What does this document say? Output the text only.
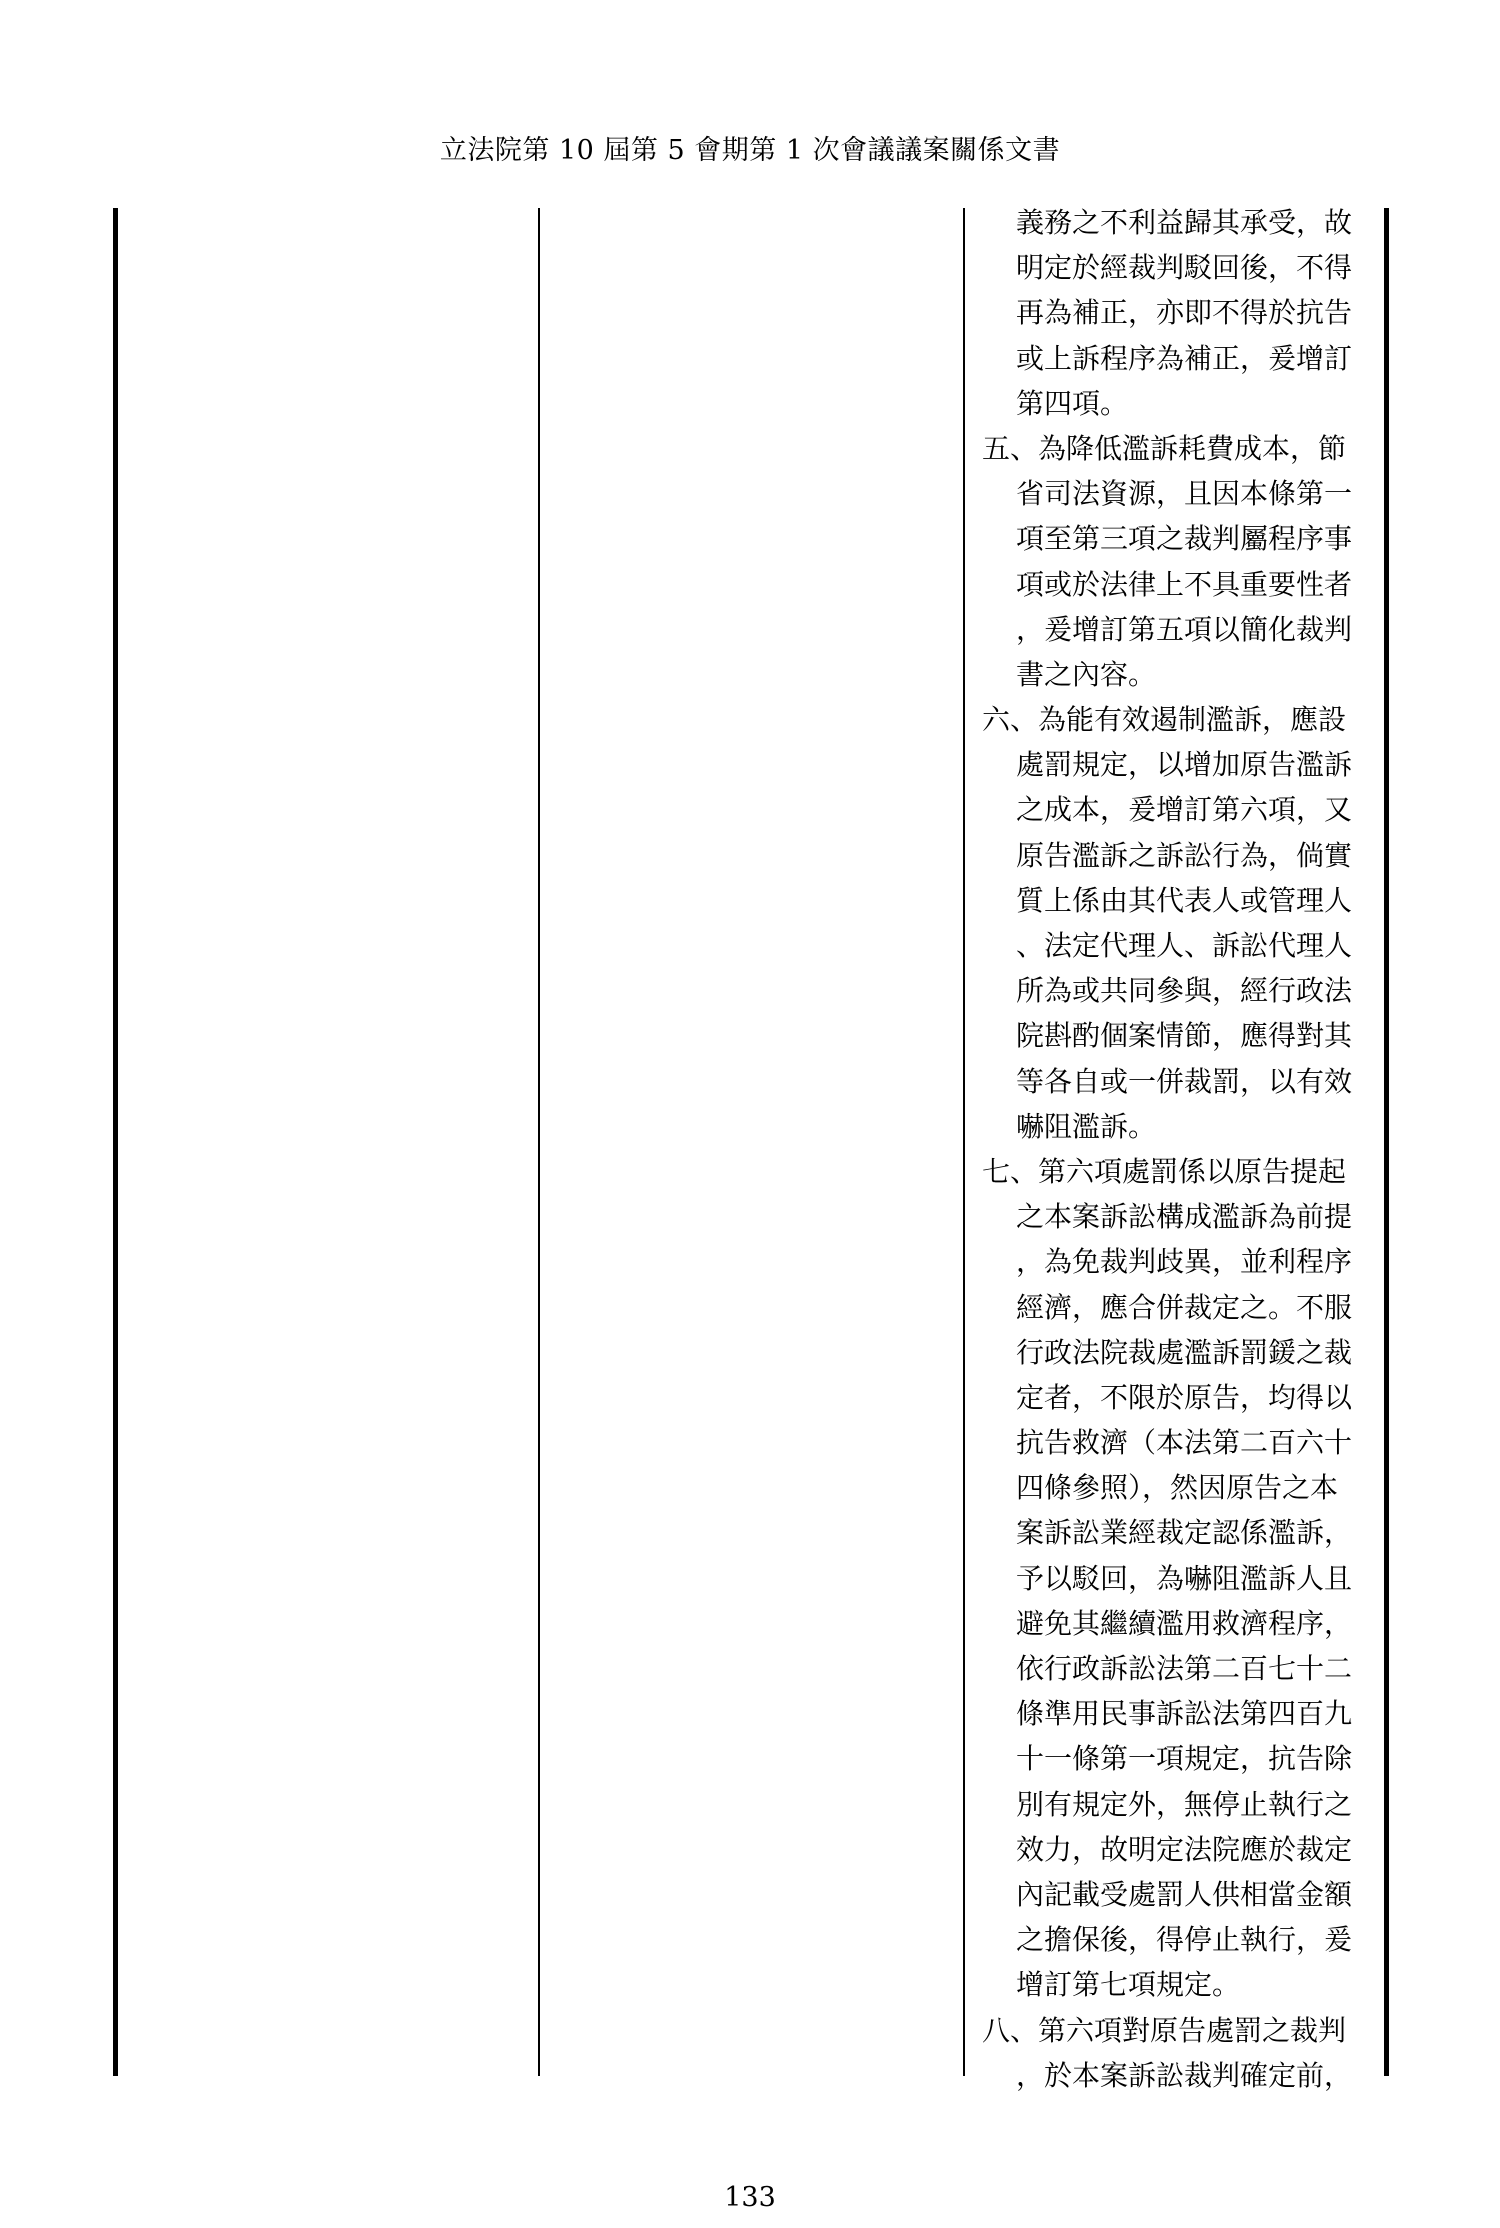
立法院第 10 屆第 5 會期第 1 次會議議案關係文書
義務之不利益歸其承受，故
明定於經裁判駁回後，不得
再為補正，亦即不得於抗告
或上訴程序為補正，爰增訂
第四項。
五、為降低濫訴耗費成本，節
省司法資源，且因本條第一
項至第三項之裁判屬程序事
項或於法律上不具重要性者
，爰增訂第五項以簡化裁判
書之內容。
六、為能有效遏制濫訴，應設
處罰規定，以增加原告濫訴
之成本，爰增訂第六項，又
原告濫訴之訴訟行為，倘實
質上係由其代表人或管理人
、法定代理人、訴訟代理人
所為或共同參與，經行政法
院斟酌個案情節，應得對其
等各自或一併裁罰，以有效
嚇阻濫訴。
七、第六項處罰係以原告提起
之本案訴訟構成濫訴為前提
，為免裁判歧異，並利程序
經濟，應合併裁定之。不服
行政法院裁處濫訴罰鍰之裁
定者，不限於原告，均得以
抗告救濟（本法第二百六十
四條參照），然因原告之本
案訴訟業經裁定認係濫訴，
予以駁回，為嚇阻濫訴人且
避免其繼續濫用救濟程序，
依行政訴訟法第二百七十二
條準用民事訴訟法第四百九
十一條第一項規定，抗告除
別有規定外，無停止執行之
效力，故明定法院應於裁定
內記載受處罰人供相當金額
之擔保後，得停止執行，爰
增訂第七項規定。
八、第六項對原告處罰之裁判
，於本案訴訟裁判確定前，
133
